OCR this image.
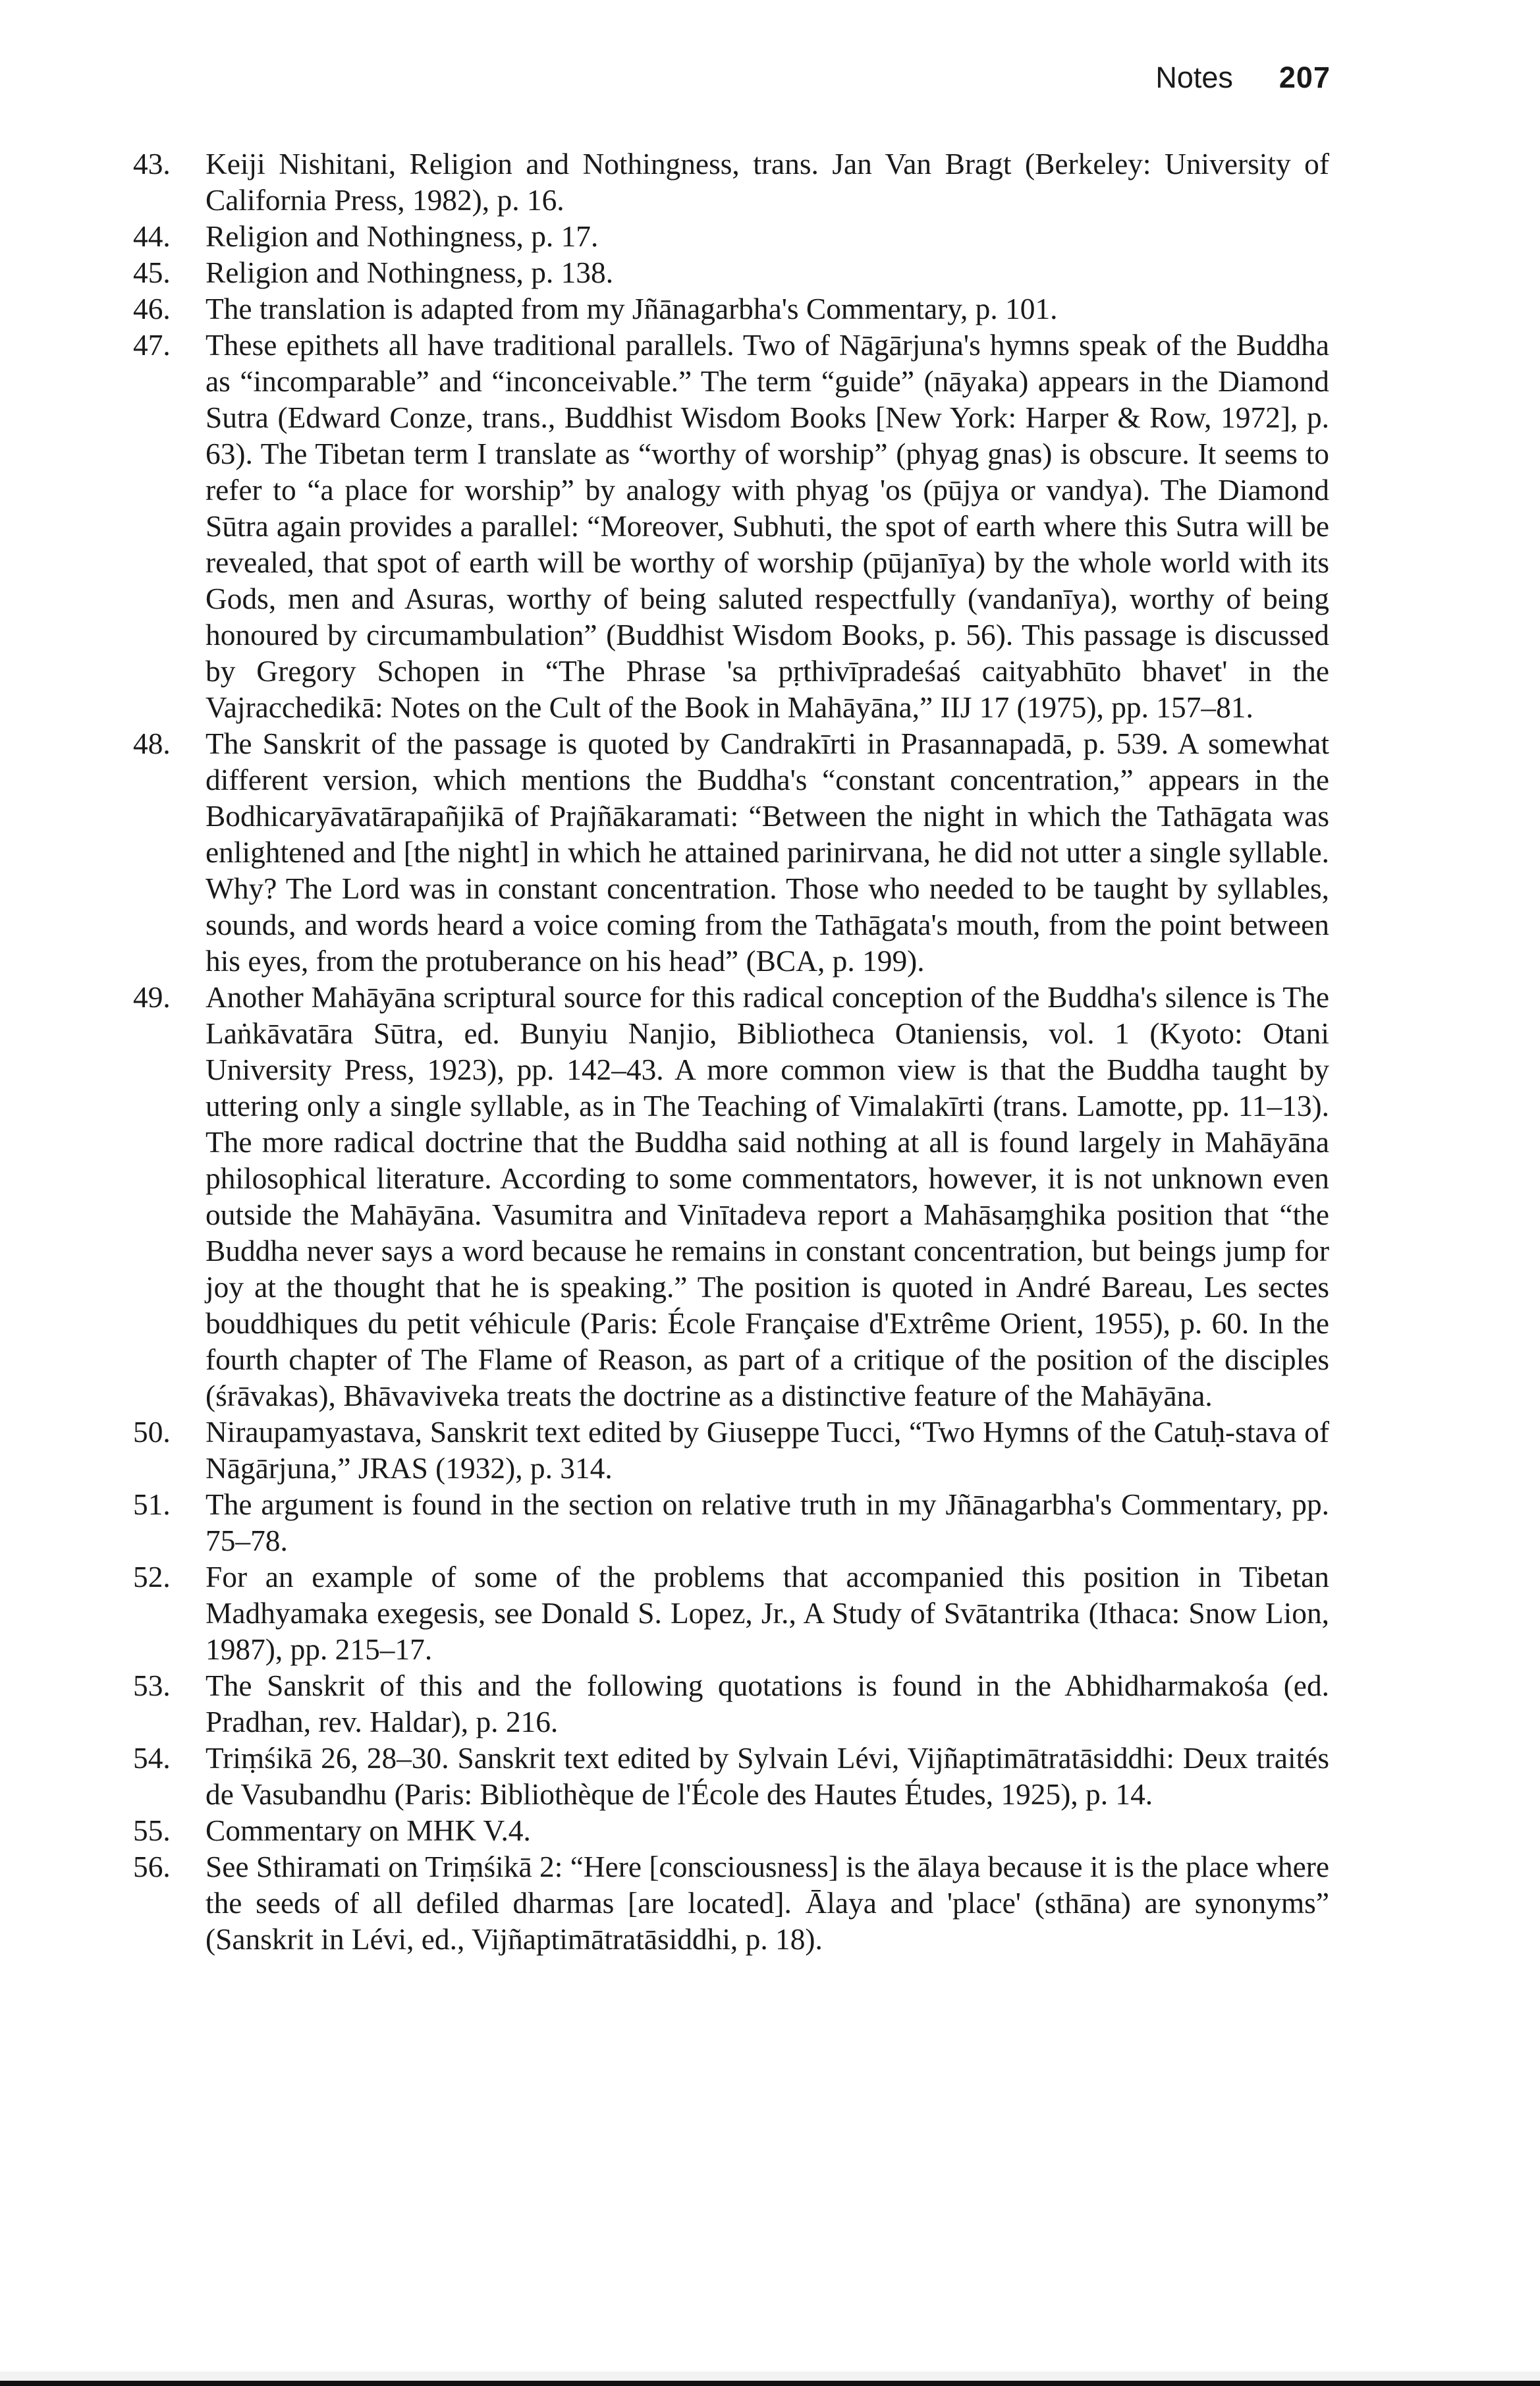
Notes 207
43.	Keiji Nishitani, Religion and Nothingness, trans. Jan Van Bragt (Berkeley: University of California Press, 1982), p. 16.
44.	Religion and Nothingness, p. 17.
45.	Religion and Nothingness, p. 138.
46.	The translation is adapted from my Jñānagarbha's Commentary, p. 101.
47.	These epithets all have traditional parallels. Two of Nāgārjuna's hymns speak of the Buddha as “incomparable” and “inconceivable.” The term “guide” (nāyaka) appears in the Diamond Sutra (Edward Conze, trans., Buddhist Wisdom Books [New York: Harper & Row, 1972], p. 63). The Tibetan term I translate as “worthy of worship” (phyag gnas) is obscure. It seems to refer to “a place for worship” by analogy with phyag 'os (pūjya or vandya). The Diamond Sūtra again provides a parallel: “Moreover, Subhuti, the spot of earth where this Sutra will be revealed, that spot of earth will be worthy of worship (pūjanīya) by the whole world with its Gods, men and Asuras, worthy of being saluted respectfully (vandanīya), worthy of being honoured by circumambulation” (Buddhist Wisdom Books, p. 56). This passage is discussed by Gregory Schopen in “The Phrase 'sa pṛthivīpradeśaś caityabhūto bhavet' in the Vajracchedikā: Notes on the Cult of the Book in Mahāyāna,” IIJ 17 (1975), pp. 157–81.
48.	The Sanskrit of the passage is quoted by Candrakīrti in Prasannapadā, p. 539. A somewhat different version, which mentions the Buddha's “constant concentration,” appears in the Bodhicaryāvatārapañjikā of Prajñākaramati: “Between the night in which the Tathāgata was enlightened and [the night] in which he attained parinirvana, he did not utter a single syllable. Why? The Lord was in constant concentration. Those who needed to be taught by syllables, sounds, and words heard a voice coming from the Tathāgata's mouth, from the point between his eyes, from the protuberance on his head” (BCA, p. 199).
49.	Another Mahāyāna scriptural source for this radical conception of the Buddha's silence is The Laṅkāvatāra Sūtra, ed. Bunyiu Nanjio, Bibliotheca Otaniensis, vol. 1 (Kyoto: Otani University Press, 1923), pp. 142–43. A more common view is that the Buddha taught by uttering only a single syllable, as in The Teaching of Vimalakīrti (trans. Lamotte, pp. 11–13). The more radical doctrine that the Buddha said nothing at all is found largely in Mahāyāna philosophical literature. According to some commentators, however, it is not unknown even outside the Mahāyāna. Vasumitra and Vinītadeva report a Mahāsaṃghika position that “the Buddha never says a word because he remains in constant concentration, but beings jump for joy at the thought that he is speaking.” The position is quoted in André Bareau, Les sectes bouddhiques du petit véhicule (Paris: École Française d'Extrême Orient, 1955), p. 60. In the fourth chapter of The Flame of Reason, as part of a critique of the position of the disciples (śrāvakas), Bhāvaviveka treats the doctrine as a distinctive feature of the Mahāyāna.
50.	Niraupamyastava, Sanskrit text edited by Giuseppe Tucci, “Two Hymns of the Catuḥ-stava of Nāgārjuna,” JRAS (1932), p. 314.
51.	The argument is found in the section on relative truth in my Jñānagarbha's Commentary, pp. 75–78.
52.	For an example of some of the problems that accompanied this position in Tibetan Madhyamaka exegesis, see Donald S. Lopez, Jr., A Study of Svātantrika (Ithaca: Snow Lion, 1987), pp. 215–17.
53.	The Sanskrit of this and the following quotations is found in the Abhidharmakośa (ed. Pradhan, rev. Haldar), p. 216.
54.	Triṃśikā 26, 28–30. Sanskrit text edited by Sylvain Lévi, Vijñaptimātratāsiddhi: Deux traités de Vasubandhu (Paris: Bibliothèque de l'École des Hautes Études, 1925), p. 14.
55.	Commentary on MHK V.4.
56.	See Sthiramati on Triṃśikā 2: “Here [consciousness] is the ālaya because it is the place where the seeds of all defiled dharmas [are located]. Ālaya and 'place' (sthāna) are synonyms” (Sanskrit in Lévi, ed., Vijñaptimātratāsiddhi, p. 18).
